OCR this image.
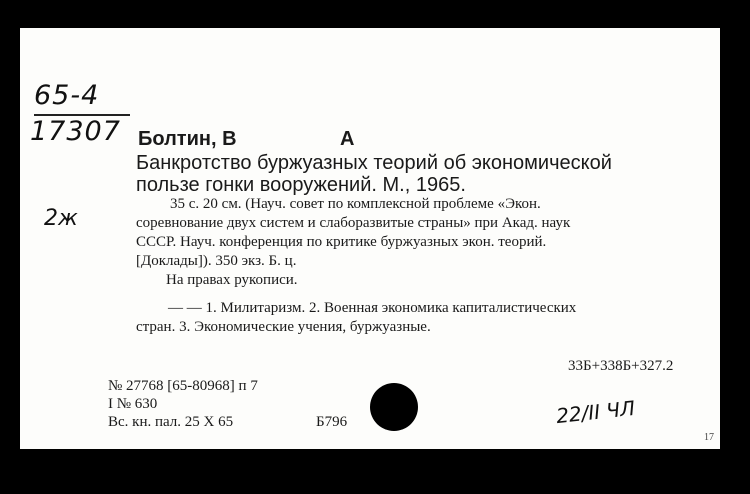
65-4
17307
2ж
Болтин, В	А
Банкротство буржуазных теорий об экономической
пользе гонки вооружений. М., 1965.
35 с. 20 см. (Науч. совет по комплексной проблеме «Экон.
соревнование двух систем и слаборазвитые страны» при Акад. наук
СССР. Науч. конференция по критике буржуазных экон. теорий.
[Доклады]). 350 экз. Б. ц.
На правах рукописи.
— — 1. Милитаризм. 2. Военная экономика капиталистических
стран. 3. Экономические учения, буржуазные.
33Б+338Б+327.2
№ 27768 [65-80968] п 7
I № 630
Вс. кн. пал. 25 X 65	Б796	22/II ЧЛ
17
